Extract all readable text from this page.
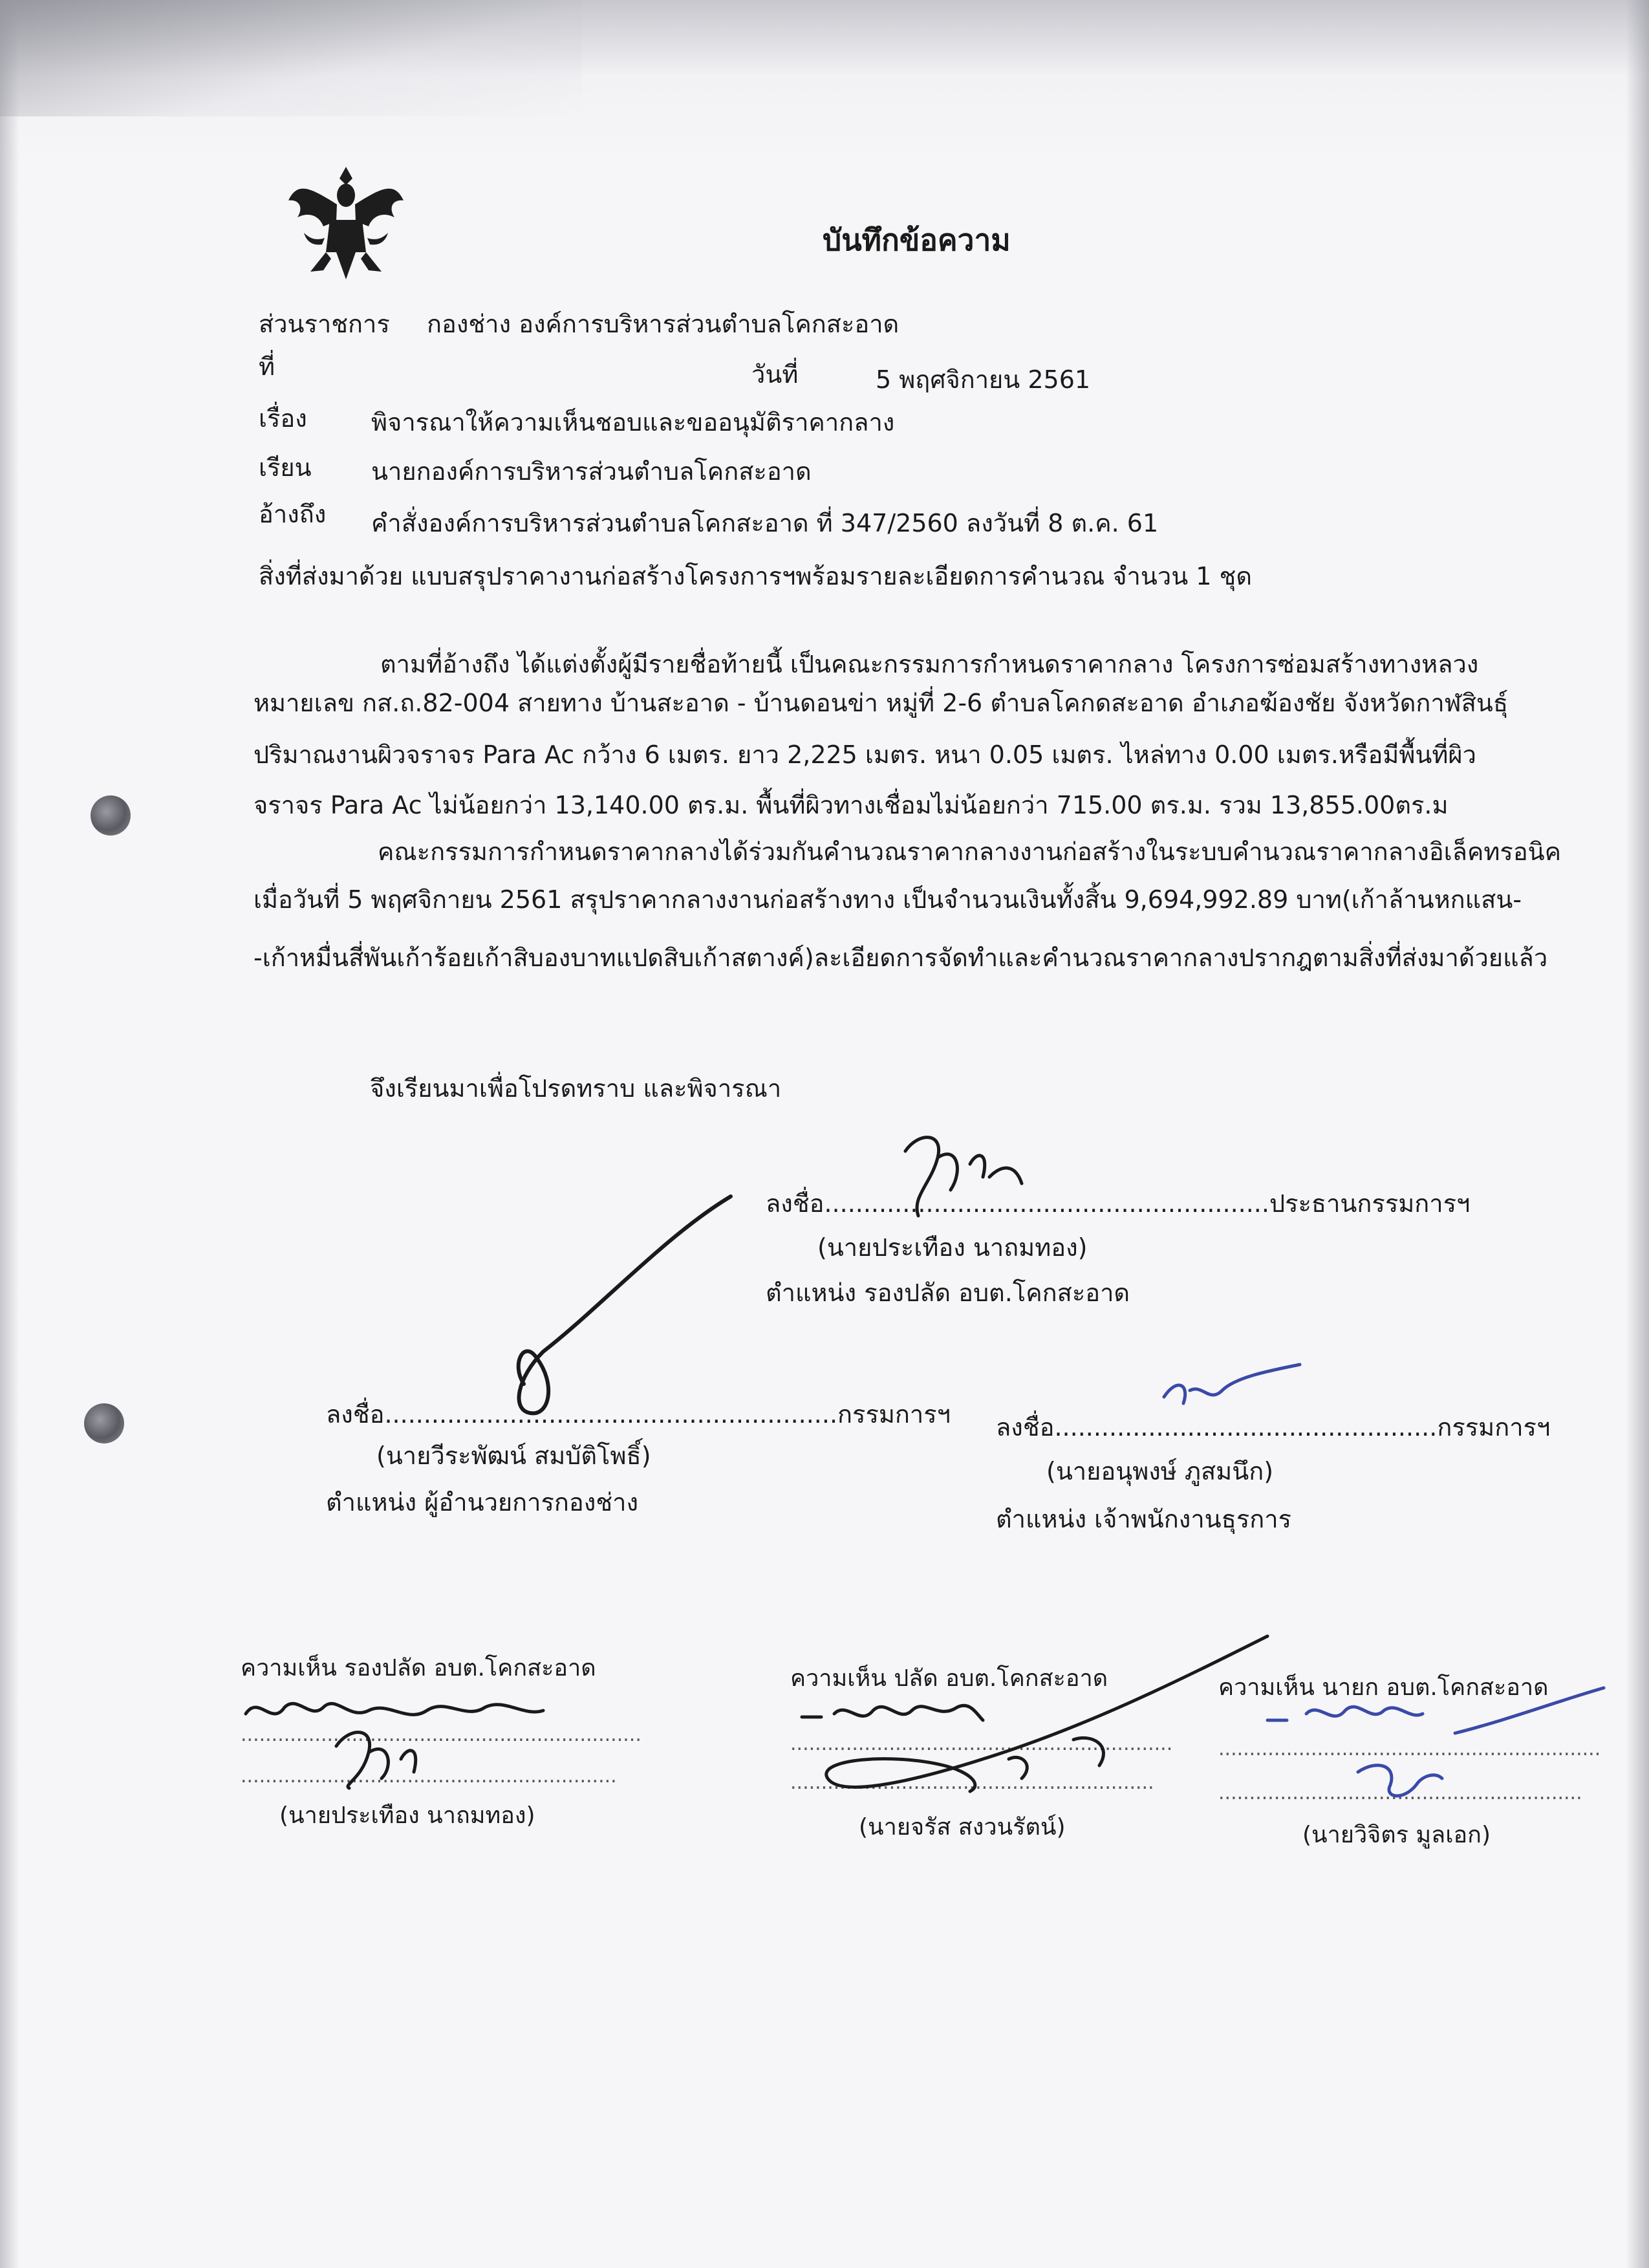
บันทึกข้อความ
ส่วนราชการ กองช่าง องค์การบริหารส่วนตำบลโคกสะอาด
ที่	วันที่	5 พฤศจิกายน 2561
เรื่อง	พิจารณาให้ความเห็นชอบและขออนุมัติราคากลาง
เรียน นายกองค์การบริหารส่วนตำบลโคกสะอาด
อ้างถึง คำสั่งองค์การบริหารส่วนตำบลโคกสะอาด ที่ 347/2560 ลงวันที่ 8 ต.ค. 61
สิ่งที่ส่งมาด้วย แบบสรุปราคางานก่อสร้างโครงการฯพร้อมรายละเอียดการคำนวณ จำนวน 1 ชุด
ตามที่อ้างถึง ได้แต่งตั้งผู้มีรายชื่อท้ายนี้ เป็นคณะกรรมการกำหนดราคากลาง โครงการซ่อมสร้างทางหลวง
หมายเลข กส.ถ.82-004 สายทาง บ้านสะอาด - บ้านดอนข่า หมู่ที่ 2-6 ตำบลโคกดสะอาด อำเภอฆ้องชัย จังหวัดกาฬสินธุ์
ปริมาณงานผิวจราจร Para Ac กว้าง 6 เมตร. ยาว 2,225 เมตร. หนา 0.05 เมตร. ไหล่ทาง 0.00 เมตร.หรือมีพื้นที่ผิว
จราจร Para Ac ไม่น้อยกว่า 13,140.00 ตร.ม. พื้นที่ผิวทางเชื่อมไม่น้อยกว่า 715.00 ตร.ม. รวม 13,855.00ตร.ม
คณะกรรมการกำหนดราคากลางได้ร่วมกันคำนวณราคากลางงานก่อสร้างในระบบคำนวณราคากลางอิเล็คทรอนิค
เมื่อวันที่ 5 พฤศจิกายน 2561 สรุปราคากลางงานก่อสร้างทาง เป็นจำนวนเงินทั้งสิ้น 9,694,992.89 บาท(เก้าล้านหกแสน-
-เก้าหมื่นสี่พันเก้าร้อยเก้าสิบองบาทแปดสิบเก้าสตางค์)ละเอียดการจัดทำและคำนวณราคากลางปรากฎตามสิ่งที่ส่งมาด้วยแล้ว
จึงเรียนมาเพื่อโปรดทราบ และพิจารณา
ลงชื่อ.........................................................ประธานกรรมการฯ
(นายประเทือง นาถมทอง)
ตำแหน่ง รองปลัด อบต.โคกสะอาด
ลงชื่อ..........................................................กรรมการฯ
(นายวีระพัฒน์ สมบัติโพธิ์)
ตำแหน่ง ผู้อำนวยการกองช่าง
ลงชื่อ.................................................กรรมการฯ
(นายอนุพงษ์ ภูสมนึก)
ตำแหน่ง เจ้าพนักงานธุรการ
ความเห็น รองปลัด อบต.โคกสะอาด
.................................................................
.............................................................
(นายประเทือง นาถมทอง)
ความเห็น ปลัด อบต.โคกสะอาด
..............................................................
...........................................................
(นายจรัส สงวนรัตน์)
ความเห็น นายก อบต.โคกสะอาด
..............................................................
...........................................................
(นายวิจิตร มูลเอก)
